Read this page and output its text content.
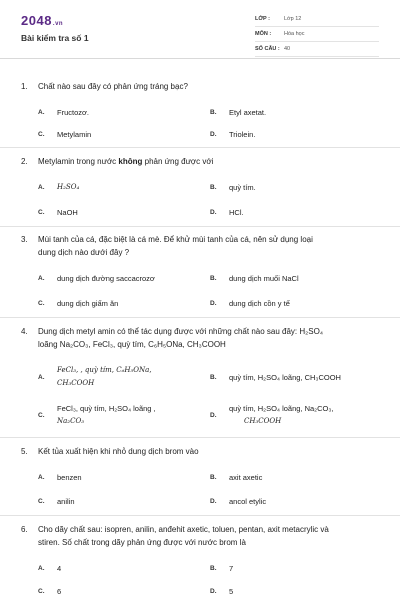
2048.vn
Bài kiểm tra số 1
LỚP :	Lớp 12
MÔN : Hóa học
SỐ CÂU : 40
1. Chất nào sau đây có phản ứng tráng bạc?
A. Fructozơ.	B. Etyl axetat.
C. Metylamin	D. Triolein.
2. Metylamin trong nước không phản ứng được với
A. H₂SO₄	B. quỳ tím.
C. NaOH	D. HCl.
3. Mùi tanh của cá, đặc biệt là cá mè. Để khử mùi tanh của cá, nên sử dụng loại
dung dịch nào dưới đây ?
A. dung dịch đường saccacrozơ	B. dung dịch muối NaCl
C. dung dịch giấm ăn	D. dung dịch cồn y tế
4. Dung dịch metyl amin có thể tác dụng được với những chất nào sau đây: H₂SO₄
loãng Na₂CO₃, FeCl₃, quỳ tím, C₆H₅ONa, CH₃COOH
A.
FeCl₃, , quỳ tím, C₆H₅ONa,
CH₃COOH
B. quỳ tím, H₂SO₄ loãng, CH₃COOH
C.
FeCl₃, quỳ tím, H₂SO₄ loãng ,
Na₂CO₃
D.
quỳ tím, H₂SO₄ loãng, Na₂CO₃,
CH₃COOH
5. Kết tủa xuất hiện khi nhỏ dung dịch brom vào
A. benzen	B. axit axetic
C. anilin	D. ancol etylic
6. Cho dãy chất sau: isopren, anilin, anđehit axetic, toluen, pentan, axit metacrylic và
stiren. Số chất trong dãy phản ứng được với nước brom là
A. 4	B. 7
C. 6	D. 5
